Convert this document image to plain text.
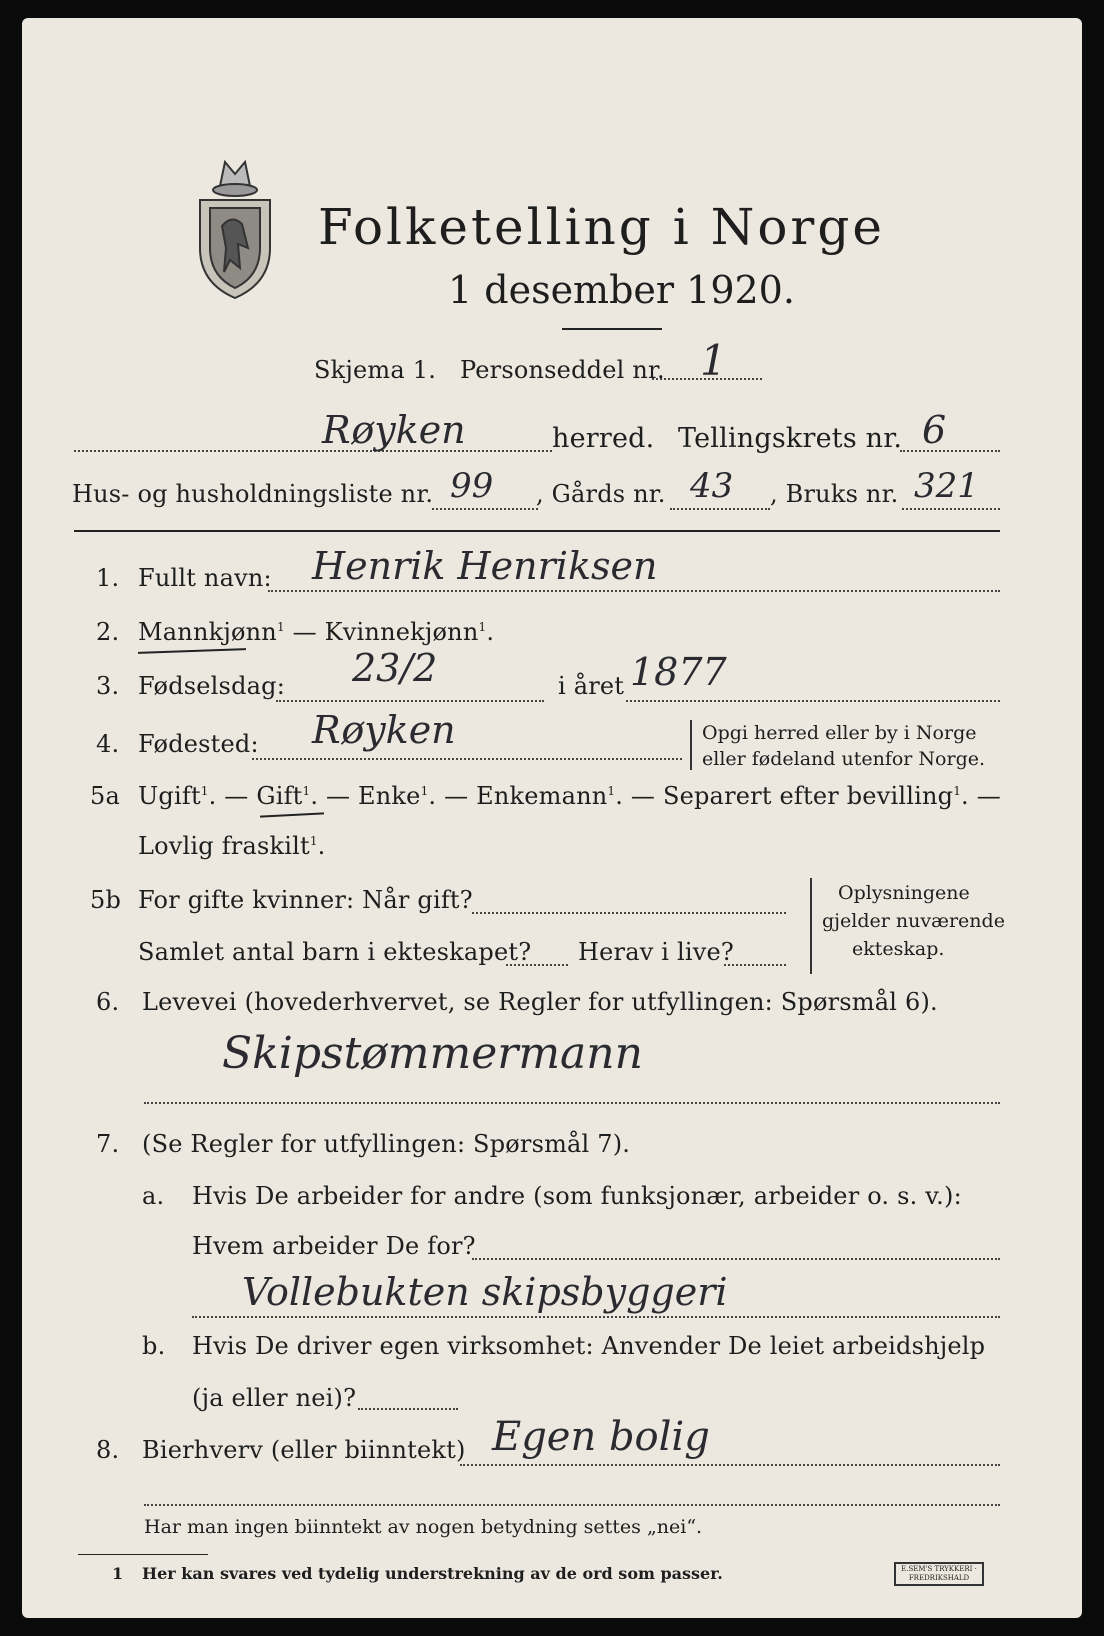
Folketelling i Norge
1 desember 1920.
Skjema 1. Personseddel nr. 1
Røyken	herred. Tellingskrets nr. 6
Hus- og husholdningsliste nr. 99 , Gårds nr. 43 , Bruks nr. 321
1. Fullt navn: Henrik Henriksen
2. Mannkjønn$^1$ — Kvinnekjønn$^1$.
3. Fødselsdag: 23/2	i året 1877
4. Fødested: Røyken	Opgi herred eller by i Norge
eller fødeland utenfor Norge.
5a Ugift$^1$. — Gift$^1$. — Enke$^1$. — Enkemann$^1$. — Separert efter bevilling$^1$. —
Lovlig fraskilt$^1$.
5b For gifte kvinner: Når gift?
Samlet antal barn i ekteskapet? Herav i live?
Oplysningene
gjelder nuværende
ekteskap.
6. Levevei (hovederhvervet, se Regler for utfyllingen: Spørsmål 6).
Skipstømmermann
7. (Se Regler for utfyllingen: Spørsmål 7).
a. Hvis De arbeider for andre (som funksjonær, arbeider o. s. v.):
Hvem arbeider De for?
Vollebukten skipsbyggeri
b. Hvis De driver egen virksomhet: Anvender De leiet arbeidshjelp
(ja eller nei)?
8. Bierhverv (eller biinntekt) Egen bolig
Har man ingen biinntekt av nogen betydning settes „nei“.
1 Her kan svares ved tydelig understrekning av de ord som passer.	E.SEM'S TRYKKERI · FREDRIKSHALD
